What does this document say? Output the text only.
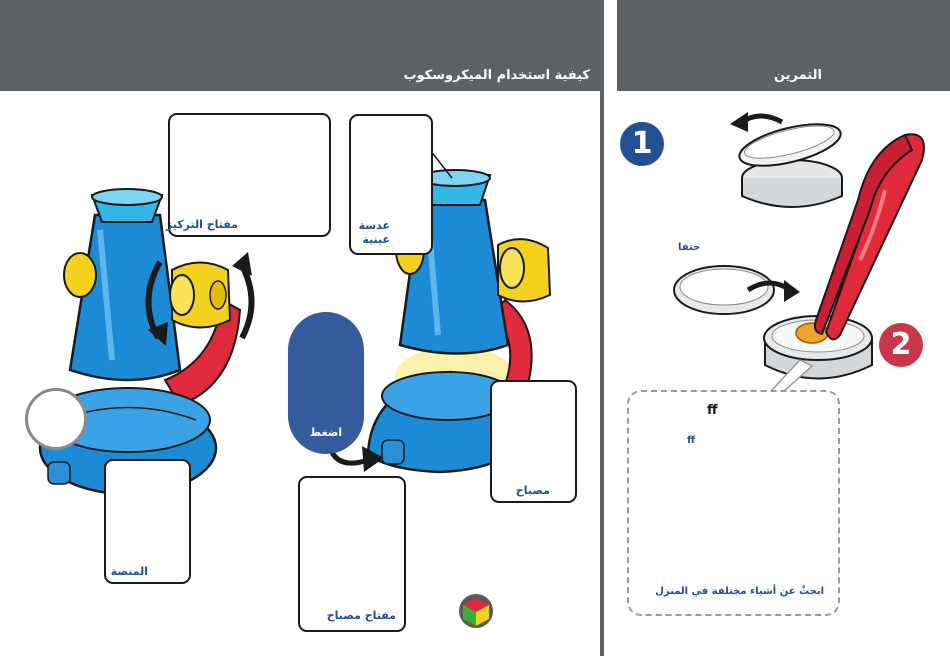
كيفية استخدام الميكروسكوب
مفتاح التركيز	عدسة
عينية
اضغط
مصباح
المنصة
مفتاح مصباح
التمرين
1
2
ح‍ت‍ف‍ا
ﬀ
ﬀ
ابحثْ عن أشياء مختلفة في المنزل
